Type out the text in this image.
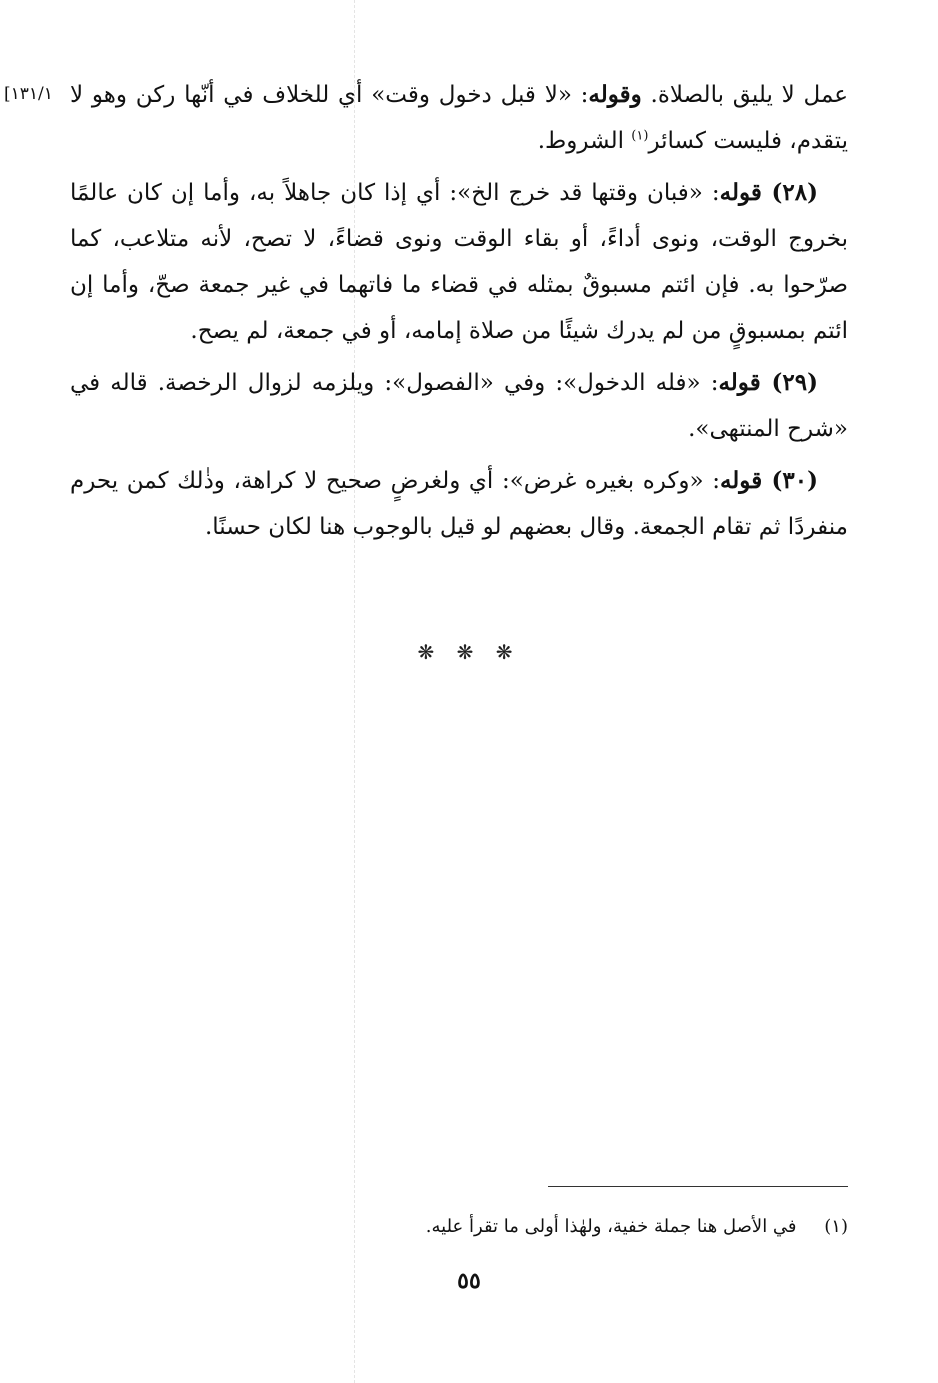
[١٣١/١	عمل لا يليق بالصلاة. وقوله: «لا قبل دخول وقت» أي للخلاف في أنّها ركن وهو لا يتقدم، فليست كسائر$^{(١)}$ الشروط.

(٢٨) قوله: «فبان وقتها قد خرج الخ»: أي إذا كان جاهلاً به، وأما إن كان عالمًا بخروج الوقت، ونوى أداءً، أو بقاء الوقت ونوى قضاءً، لا تصح، لأنه متلاعب، كما صرّحوا به. فإن ائتم مسبوقٌ بمثله في قضاء ما فاتهما في غير جمعة صحّ، وأما إن ائتم بمسبوقٍ من لم يدرك شيئًا من صلاة إمامه، أو في جمعة، لم يصح.

(٢٩) قوله: «فله الدخول»: وفي «الفصول»: ويلزمه لزوال الرخصة. قاله في «شرح المنتهى».

(٣٠) قوله: «وكره بغيره غرض»: أي ولغرضٍ صحيح لا كراهة، وذٰلك كمن يحرم منفردًا ثم تقام الجمعة. وقال بعضهم لو قيل بالوجوب هنا لكان حسنًا.

❋ ❋ ❋
(١) في الأصل هنا جملة خفية، ولهٰذا أولى ما تقرأ عليه.
٥٥
